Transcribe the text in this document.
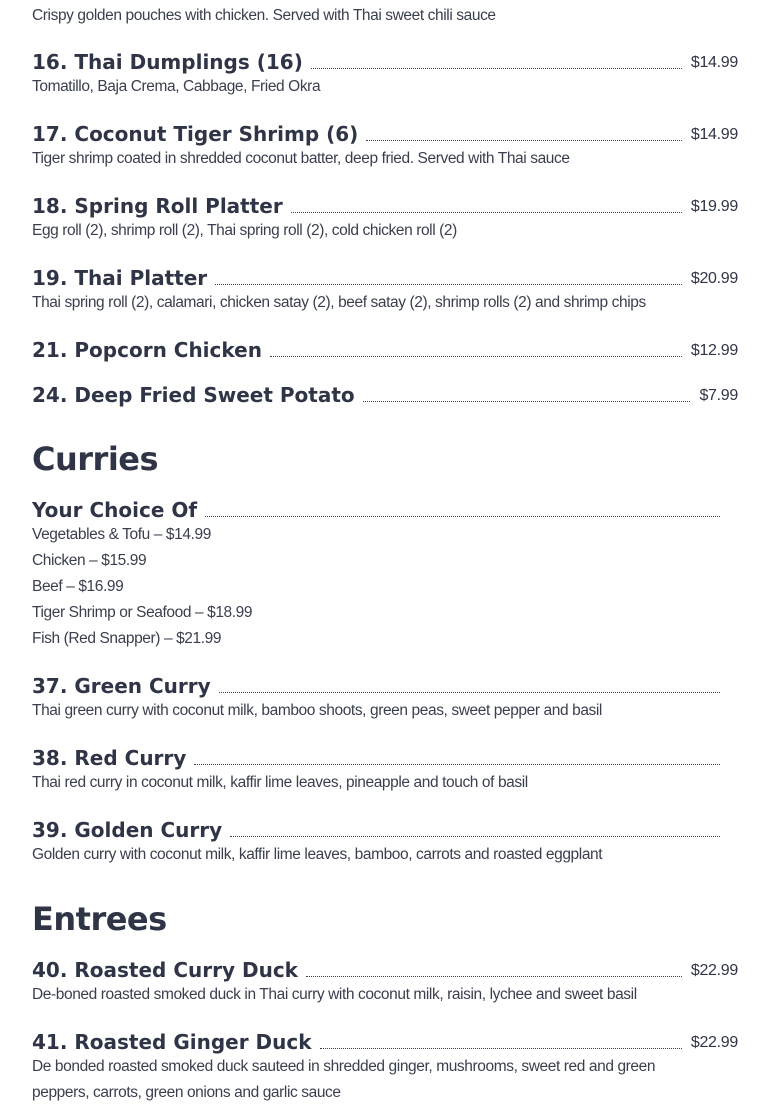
Crispy golden pouches with chicken. Served with Thai sweet chili sauce
16. Thai Dumplings (16)	$14.99
Tomatillo, Baja Crema, Cabbage, Fried Okra
17. Coconut Tiger Shrimp (6)	$14.99
Tiger shrimp coated in shredded coconut batter, deep fried. Served with Thai sauce
18. Spring Roll Platter	$19.99
Egg roll (2), shrimp roll (2), Thai spring roll (2), cold chicken roll (2)
19. Thai Platter	$20.99
Thai spring roll (2), calamari, chicken satay (2), beef satay (2), shrimp rolls (2) and shrimp chips
21. Popcorn Chicken	$12.99
24. Deep Fried Sweet Potato	$7.99
Curries
Your Choice Of
Vegetables & Tofu – $14.99
Chicken – $15.99
Beef – $16.99
Tiger Shrimp or Seafood – $18.99
Fish (Red Snapper) – $21.99
37. Green Curry
Thai green curry with coconut milk, bamboo shoots, green peas, sweet pepper and basil
38. Red Curry
Thai red curry in coconut milk, kaffir lime leaves, pineapple and touch of basil
39. Golden Curry
Golden curry with coconut milk, kaffir lime leaves, bamboo, carrots and roasted eggplant
Entrees
40. Roasted Curry Duck	$22.99
De-boned roasted smoked duck in Thai curry with coconut milk, raisin, lychee and sweet basil
41. Roasted Ginger Duck	$22.99
De bonded roasted smoked duck sauteed in shredded ginger, mushrooms, sweet red and green peppers, carrots, green onions and garlic sauce
